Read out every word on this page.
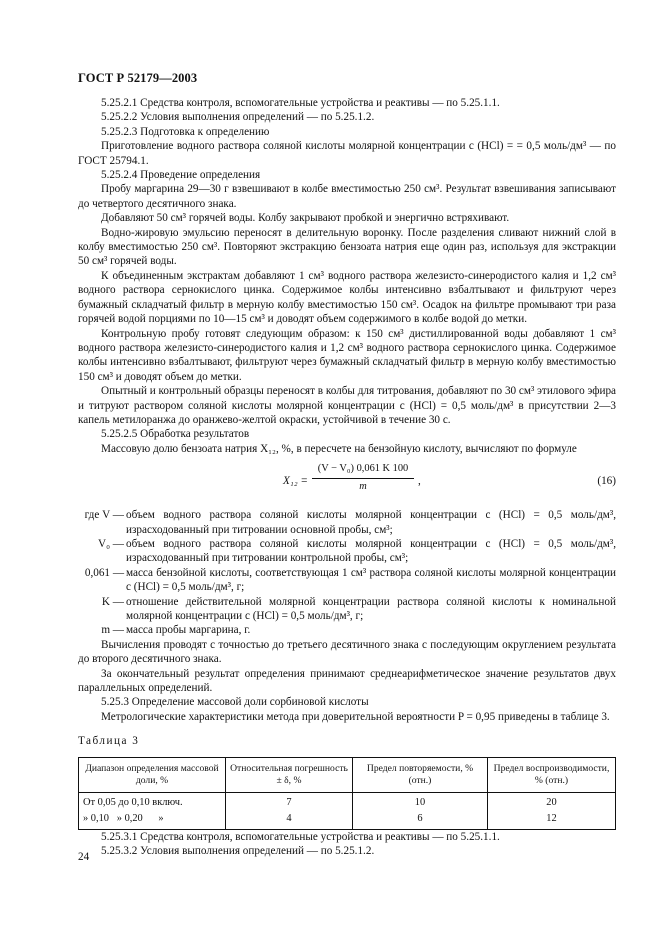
ГОСТ Р 52179—2003

5.25.2.1 Средства контроля, вспомогательные устройства и реактивы — по 5.25.1.1.

5.25.2.2 Условия выполнения определений — по 5.25.1.2.

5.25.2.3 Подготовка к определению

Приготовление водного раствора соляной кислоты молярной концентрации c (HCl) = = 0,5 моль/дм³ — по ГОСТ 25794.1.

5.25.2.4 Проведение определения

Пробу маргарина 29—30 г взвешивают в колбе вместимостью 250 см³. Результат взвешивания записывают до четвертого десятичного знака.

Добавляют 50 см³ горячей воды. Колбу закрывают пробкой и энергично встряхивают.

Водно-жировую эмульсию переносят в делительную воронку. После разделения сливают нижний слой в колбу вместимостью 250 см³. Повторяют экстракцию бензоата натрия еще один раз, используя для экстракции 50 см³ горячей воды.

К объединенным экстрактам добавляют 1 см³ водного раствора железисто-синеродистого калия и 1,2 см³ водного раствора сернокислого цинка. Содержимое колбы интенсивно взбалтывают и фильтруют через бумажный складчатый фильтр в мерную колбу вместимостью 150 см³. Осадок на фильтре промывают три раза горячей водой порциями по 10—15 см³ и доводят объем содержимого в колбе водой до метки.

Контрольную пробу готовят следующим образом: к 150 см³ дистиллированной воды добавляют 1 см³ водного раствора железисто-синеродистого калия и 1,2 см³ водного раствора сернокислого цинка. Содержимое колбы интенсивно взбалтывают, фильтруют через бумажный складчатый фильтр в мерную колбу вместимостью 150 см³ и доводят объем до метки.

Опытный и контрольный образцы переносят в колбы для титрования, добавляют по 30 см³ этилового эфира и титруют раствором соляной кислоты молярной концентрации c (HCl) = 0,5 моль/дм³ в присутствии 2—3 капель метилоранжа до оранжево-желтой окраски, устойчивой в течение 30 с.

5.25.2.5 Обработка результатов

Массовую долю бензоата натрия X₁₂, %, в пересчете на бензойную кислоту, вычисляют по формуле

$X_{12} = \frac{\text{(V − V₀) 0,061 K 100}}{m}$ ,	(16)
где V — объем водного раствора соляной кислоты молярной концентрации c (HCl) = 0,5 моль/дм³, израсходованный при титровании основной пробы, см³;
V₀ — объем водного раствора соляной кислоты молярной концентрации c (HCl) = 0,5 моль/дм³, израсходованный при титровании контрольной пробы, см³;
0,061 — масса бензойной кислоты, соответствующая 1 см³ раствора соляной кислоты молярной концентрации c (HCl) = 0,5 моль/дм³, г;
K — отношение действительной молярной концентрации раствора соляной кислоты к номинальной молярной концентрации c (HCl) = 0,5 моль/дм³, г;
m — масса пробы маргарина, г.

Вычисления проводят с точностью до третьего десятичного знака с последующим округлением результата до второго десятичного знака.

За окончательный результат определения принимают среднеарифметическое значение результатов двух параллельных определений.

5.25.3 Определение массовой доли сорбиновой кислоты

Метрологические характеристики метода при доверительной вероятности P = 0,95 приведены в таблице 3.

Таблица 3
Диапазон определения массовой доли, %	Относительная погрешность ± δ, %	Предел повторяемости, % (отн.)	Предел воспроизводимости, % (отн.)
От 0,05 до 0,10 включ.	7	10	20
» 0,10   » 0,20      »	4	6	12

5.25.3.1 Средства контроля, вспомогательные устройства и реактивы — по 5.25.1.1.

5.25.3.2 Условия выполнения определений — по 5.25.1.2.

24
